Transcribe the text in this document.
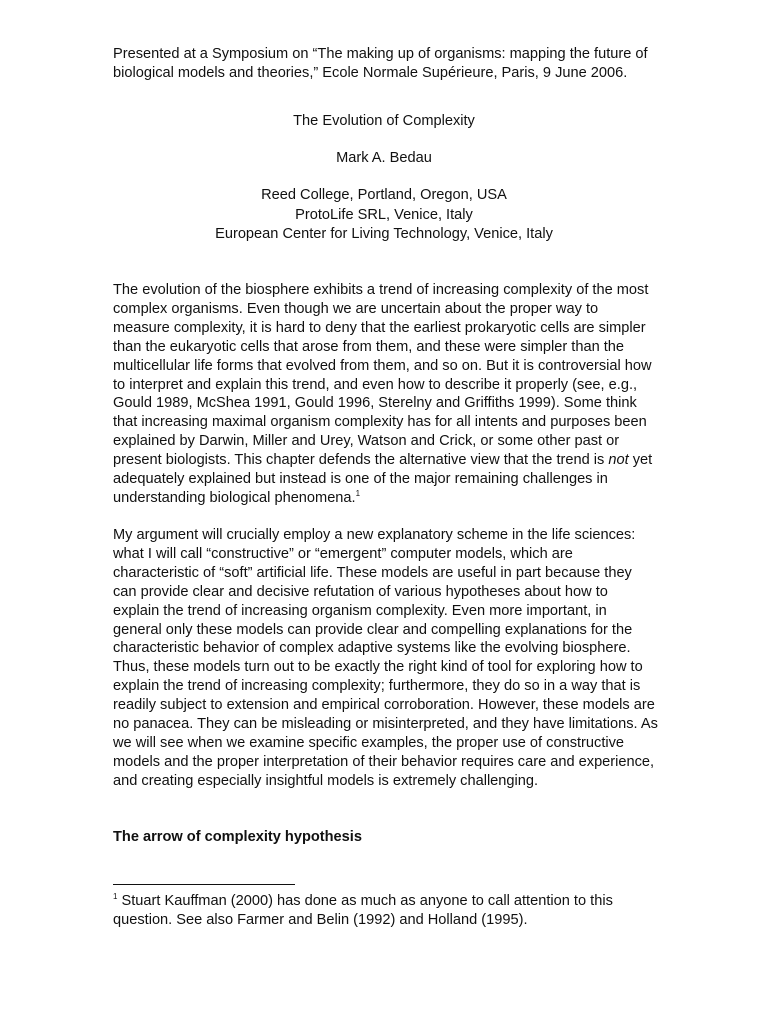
Presented at a Symposium on “The making up of organisms: mapping the future of
biological models and theories,” Ecole Normale Supérieure, Paris, 9 June 2006.
The Evolution of Complexity
Mark A. Bedau
Reed College, Portland, Oregon, USA
ProtoLife SRL, Venice, Italy
European Center for Living Technology, Venice, Italy
The evolution of the biosphere exhibits a trend of increasing complexity of the most complex organisms. Even though we are uncertain about the proper way to measure complexity, it is hard to deny that the earliest prokaryotic cells are simpler than the eukaryotic cells that arose from them, and these were simpler than the multicellular life forms that evolved from them, and so on. But it is controversial how to interpret and explain this trend, and even how to describe it properly (see, e.g., Gould 1989, McShea 1991, Gould 1996, Sterelny and Griffiths 1999). Some think that increasing maximal organism complexity has for all intents and purposes been explained by Darwin, Miller and Urey, Watson and Crick, or some other past or present biologists. This chapter defends the alternative view that the trend is not yet adequately explained but instead is one of the major remaining challenges in understanding biological phenomena.$^1$
My argument will crucially employ a new explanatory scheme in the life sciences: what I will call “constructive” or “emergent” computer models, which are characteristic of “soft” artificial life. These models are useful in part because they can provide clear and decisive refutation of various hypotheses about how to explain the trend of increasing organism complexity. Even more important, in general only these models can provide clear and compelling explanations for the characteristic behavior of complex adaptive systems like the evolving biosphere. Thus, these models turn out to be exactly the right kind of tool for exploring how to explain the trend of increasing complexity; furthermore, they do so in a way that is readily subject to extension and empirical corroboration. However, these models are no panacea. They can be misleading or misinterpreted, and they have limitations. As we will see when we examine specific examples, the proper use of constructive models and the proper interpretation of their behavior requires care and experience, and creating especially insightful models is extremely challenging.
The arrow of complexity hypothesis
$^1$ Stuart Kauffman (2000) has done as much as anyone to call attention to this question. See also Farmer and Belin (1992) and Holland (1995).
